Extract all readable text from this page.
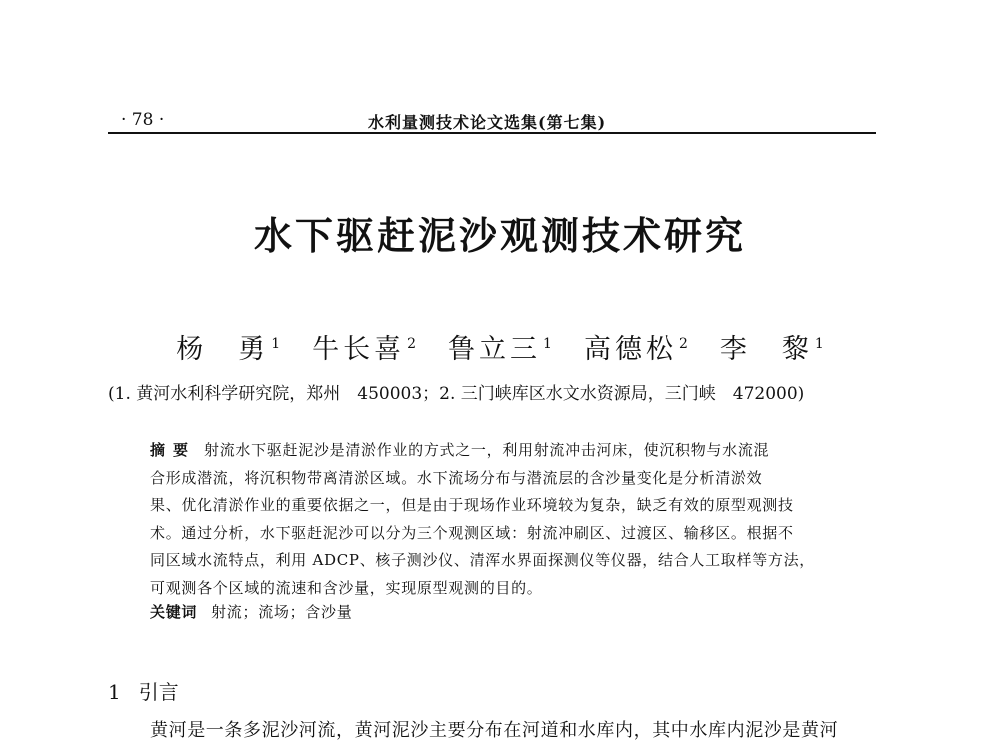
· 78 ·	水利量测技术论文选集(第七集)
水下驱赶泥沙观测技术研究
杨　勇 $^1$ 牛长喜 $^2$ 鲁立三 $^1$ 高德松 $^2$ 李　黎 $^1$
(1. 黄河水利科学研究院，郑州　450003；2. 三门峡库区水文水资源局，三门峡　472000)
摘要 射流水下驱赶泥沙是清淤作业的方式之一，利用射流冲击河床，使沉积物与水流混
合形成潜流，将沉积物带离清淤区域。水下流场分布与潜流层的含沙量变化是分析清淤效
果、优化清淤作业的重要依据之一，但是由于现场作业环境较为复杂，缺乏有效的原型观测技
术。通过分析，水下驱赶泥沙可以分为三个观测区域：射流冲刷区、过渡区、输移区。根据不
同区域水流特点，利用 ADCP、核子测沙仪、清浑水界面探测仪等仪器，结合人工取样等方法，
可观测各个区域的流速和含沙量，实现原型观测的目的。
关键词 射流；流场；含沙量
1 引言
黄河是一条多泥沙河流，黄河泥沙主要分布在河道和水库内，其中水库内泥沙是黄河
